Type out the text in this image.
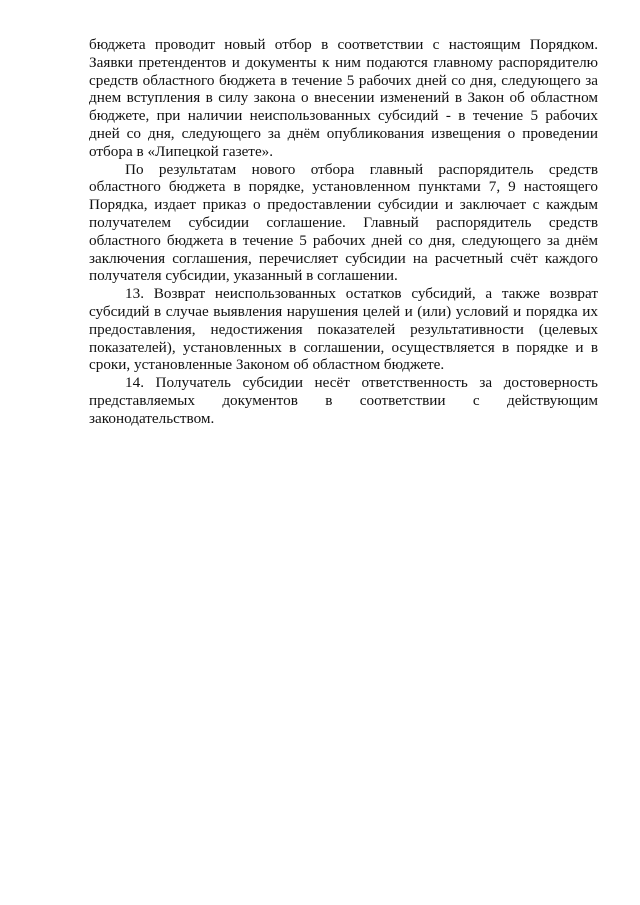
бюджета проводит новый отбор в соответствии с настоящим Порядком. Заявки претендентов и документы к ним подаются главному распорядителю средств областного бюджета в течение 5 рабочих дней со дня, следующего за днем вступления в силу закона о внесении изменений в Закон об областном бюджете, при наличии неиспользованных субсидий - в течение 5 рабочих дней со дня, следующего за днём опубликования извещения о проведении отбора в «Липецкой газете».

По результатам нового отбора главный распорядитель средств областного бюджета в порядке, установленном пунктами 7, 9 настоящего Порядка, издает приказ о предоставлении субсидии и заключает с каждым получателем субсидии соглашение. Главный распорядитель средств областного бюджета в течение 5 рабочих дней со дня, следующего за днём заключения соглашения, перечисляет субсидии на расчетный счёт каждого получателя субсидии, указанный в соглашении.

13. Возврат неиспользованных остатков субсидий, а также возврат субсидий в случае выявления нарушения целей и (или) условий и порядка их предоставления, недостижения показателей результативности (целевых показателей), установленных в соглашении, осуществляется в порядке и в сроки, установленные Законом об областном бюджете.

14. Получатель субсидии несёт ответственность за достоверность представляемых документов в соответствии с действующим законодательством.
